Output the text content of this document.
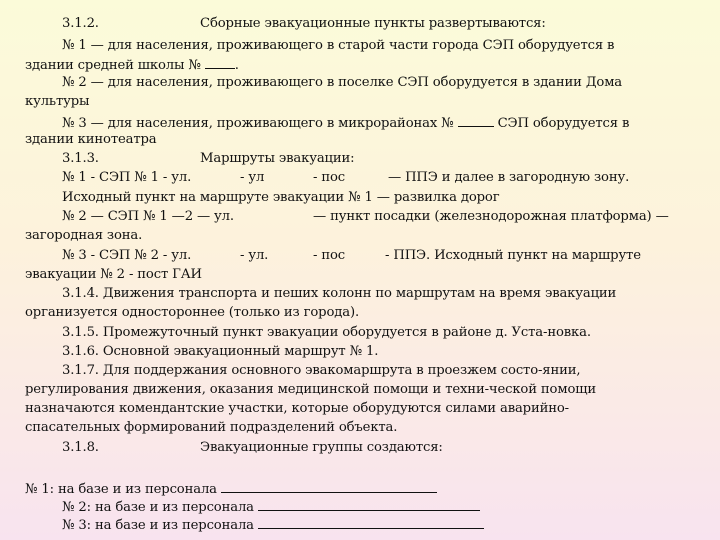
3.1.2.	Сборные эвакуационные пункты развертываются:
№ 1 — для населения, проживающего в старой части города СЭП оборудуется в
здании средней школы №	.
№ 2 — для населения, проживающего в поселке СЭП оборудуется в здании Дома
культуры
№ 3 — для населения, проживающего в микрорайонах №	СЭП оборудуется в
здании кинотеатра
3.1.3.	Маршруты эвакуации:
№ 1 - СЭП № 1 - ул.	- ул	- пос	— ППЭ и далее в загородную зону.
Исходный пункт на маршруте эвакуации № 1 — развилка дорог
№ 2 — СЭП № 1 —2 — ул.	— пункт посадки (железнодорожная платформа) —
загородная зона.
№ 3 - СЭП № 2 - ул.	- ул.	- пос	- ППЭ. Исходный пункт на маршруте
эвакуации № 2 - пост ГАИ
3.1.4. Движения транспорта и пеших колонн по маршрутам на время эвакуации
организуется одностороннее (только из города).
3.1.5. Промежуточный пункт эвакуации оборудуется в районе д. Уста-новка.
3.1.6. Основной эвакуационный маршрут № 1.
3.1.7. Для поддержания основного эвакомаршрута в проезжем состо-янии,
регулирования движения, оказания медицинской помощи и техни-ческой помощи
назначаются комендантские участки, которые оборудуются силами аварийно-
спасательных формирований подразделений объекта.
3.1.8.	Эвакуационные группы создаются:
№ 1: на базе и из персонала
№ 2: на базе и из персонала
№ 3: на базе и из персонала
